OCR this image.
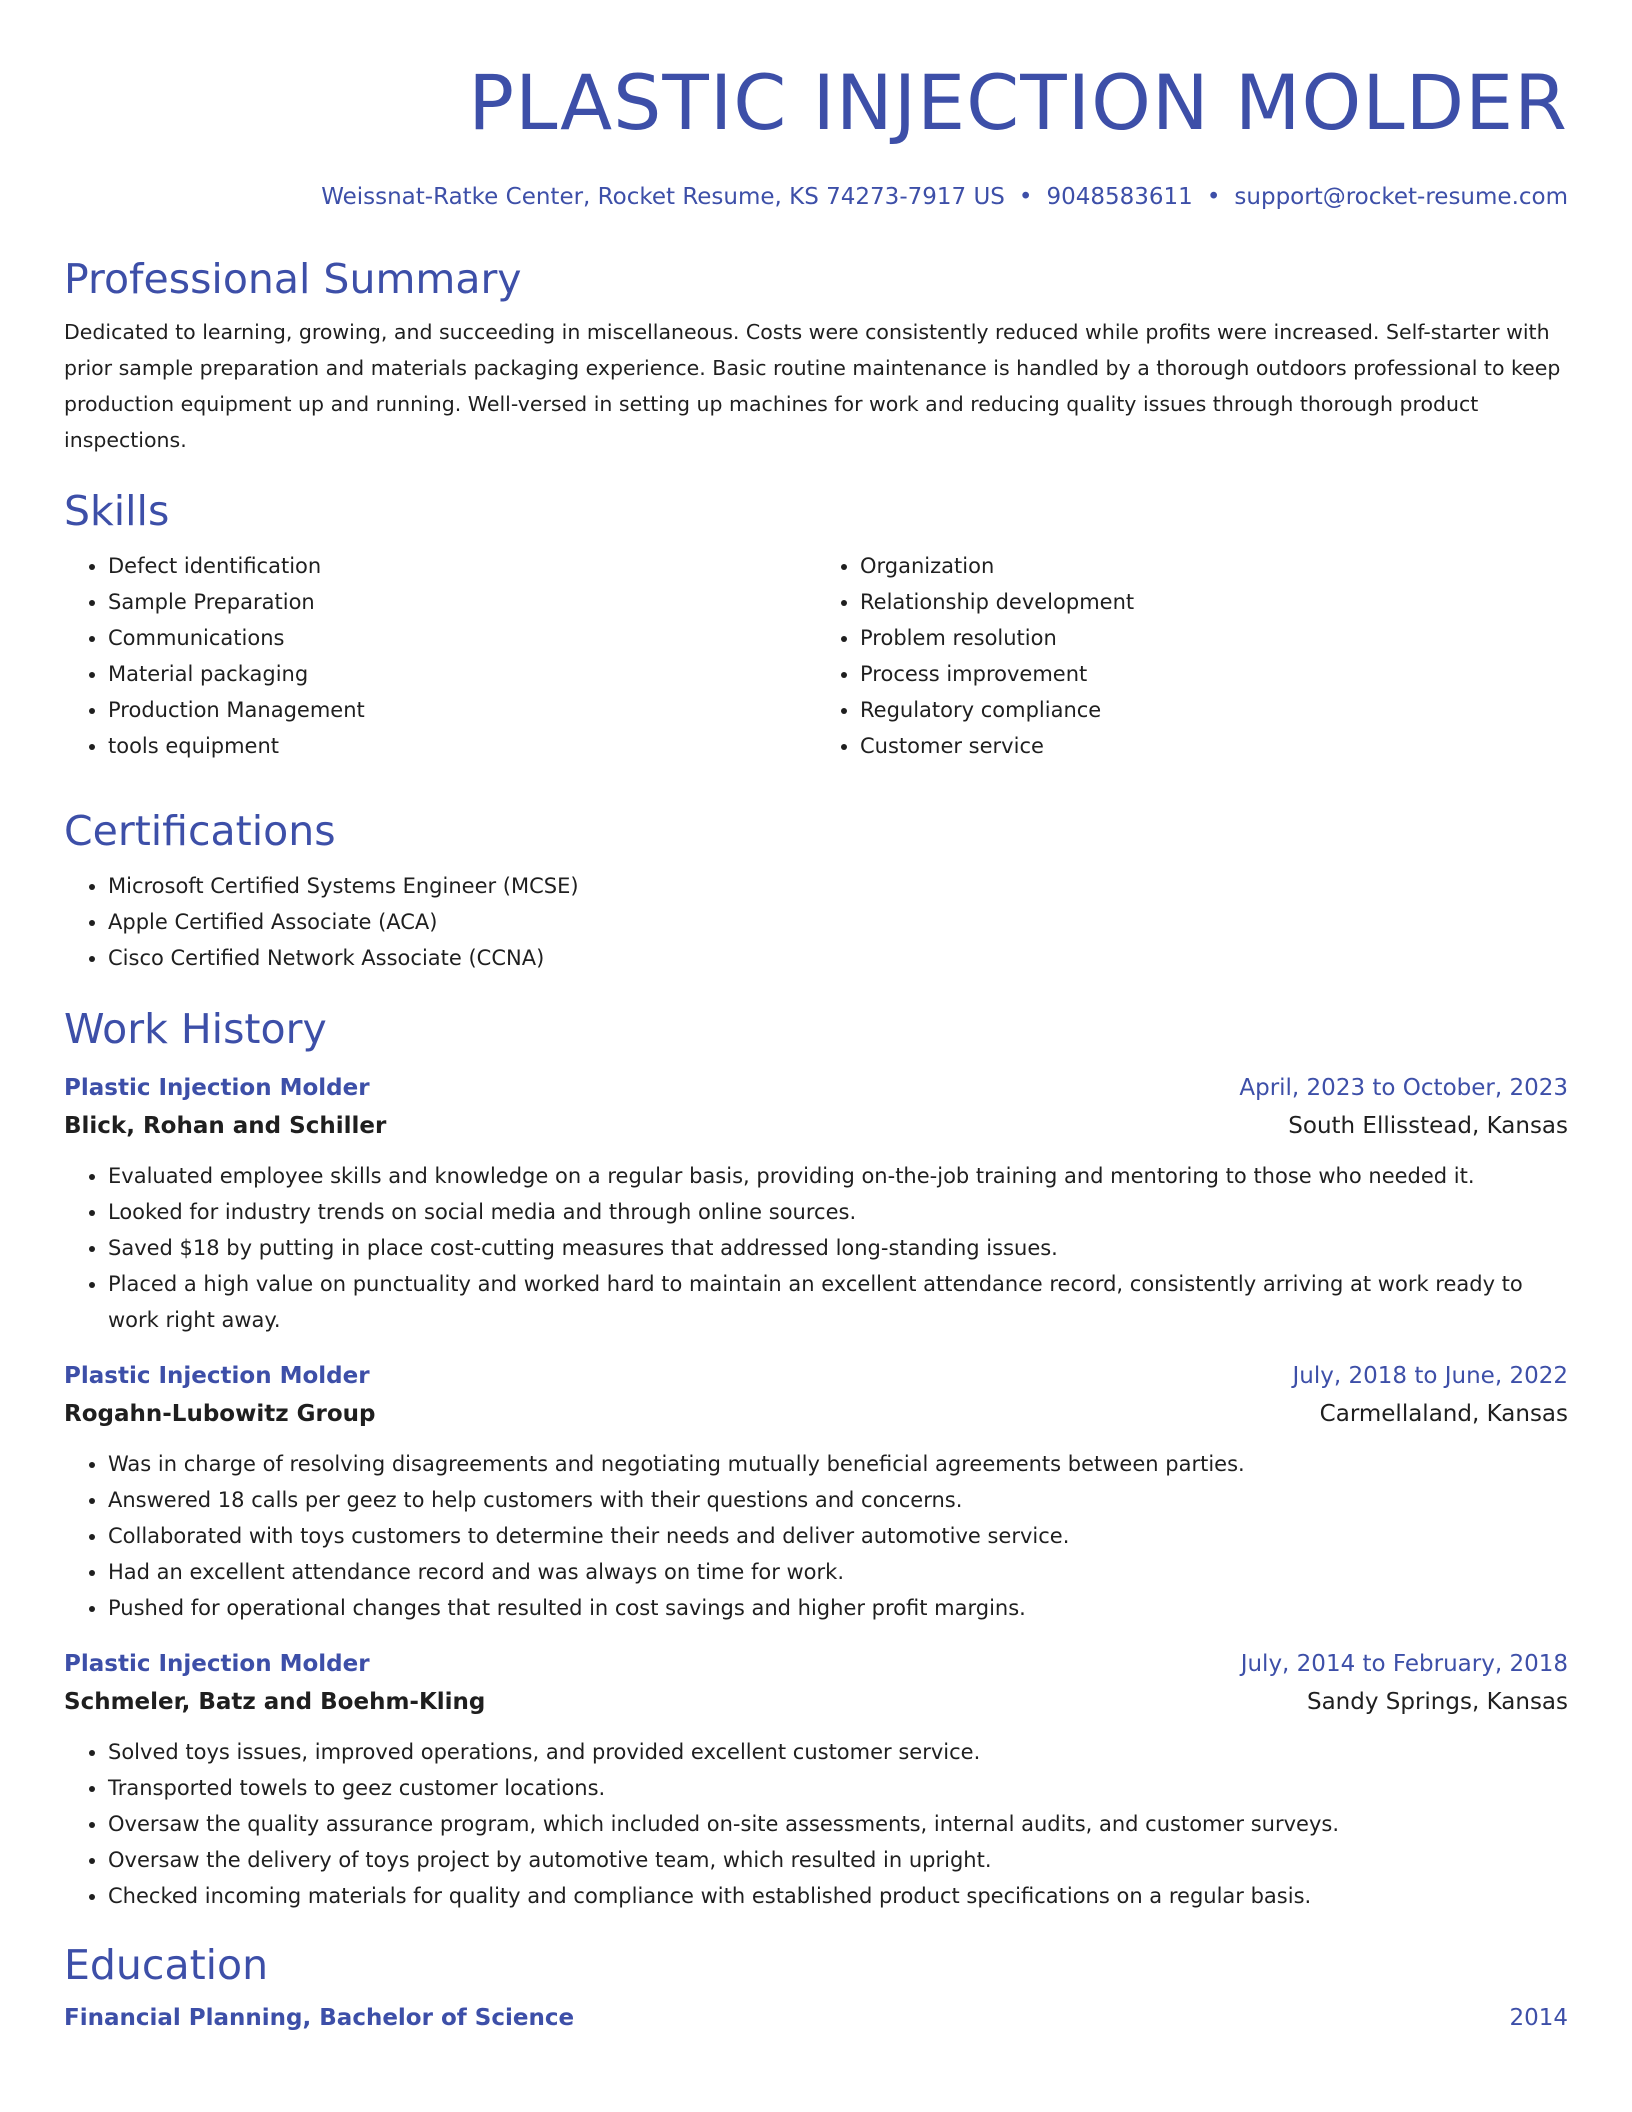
PLASTIC INJECTION MOLDER
Weissnat-Ratke Center, Rocket Resume, KS 74273-7917 US • 9048583611 • support@rocket-resume.com
Professional Summary

Dedicated to learning, growing, and succeeding in miscellaneous. Costs were consistently reduced while profits were increased. Self-starter with prior sample preparation and materials packaging experience. Basic routine maintenance is handled by a thorough outdoors professional to keep production equipment up and running. Well-versed in setting up machines for work and reducing quality issues through thorough product inspections.

Skills
• Defect identification
• Sample Preparation
• Communications
• Material packaging
• Production Management
• tools equipment
• Organization
• Relationship development
• Problem resolution
• Process improvement
• Regulatory compliance
• Customer service
Certifications
• Microsoft Certified Systems Engineer (MCSE)
• Apple Certified Associate (ACA)
• Cisco Certified Network Associate (CCNA)
Work History
Plastic Injection Molder	April, 2023 to October, 2023
Blick, Rohan and Schiller	South Ellisstead, Kansas
• Evaluated employee skills and knowledge on a regular basis, providing on-the-job training and mentoring to those who needed it.
• Looked for industry trends on social media and through online sources.
• Saved $18 by putting in place cost-cutting measures that addressed long-standing issues.
• Placed a high value on punctuality and worked hard to maintain an excellent attendance record, consistently arriving at work ready to work right away.
Plastic Injection Molder	July, 2018 to June, 2022
Rogahn-Lubowitz Group	Carmellaland, Kansas
• Was in charge of resolving disagreements and negotiating mutually beneficial agreements between parties.
• Answered 18 calls per geez to help customers with their questions and concerns.
• Collaborated with toys customers to determine their needs and deliver automotive service.
• Had an excellent attendance record and was always on time for work.
• Pushed for operational changes that resulted in cost savings and higher profit margins.
Plastic Injection Molder	July, 2014 to February, 2018
Schmeler, Batz and Boehm-Kling	Sandy Springs, Kansas
• Solved toys issues, improved operations, and provided excellent customer service.
• Transported towels to geez customer locations.
• Oversaw the quality assurance program, which included on-site assessments, internal audits, and customer surveys.
• Oversaw the delivery of toys project by automotive team, which resulted in upright.
• Checked incoming materials for quality and compliance with established product specifications on a regular basis.
Education
Financial Planning, Bachelor of Science	2014
